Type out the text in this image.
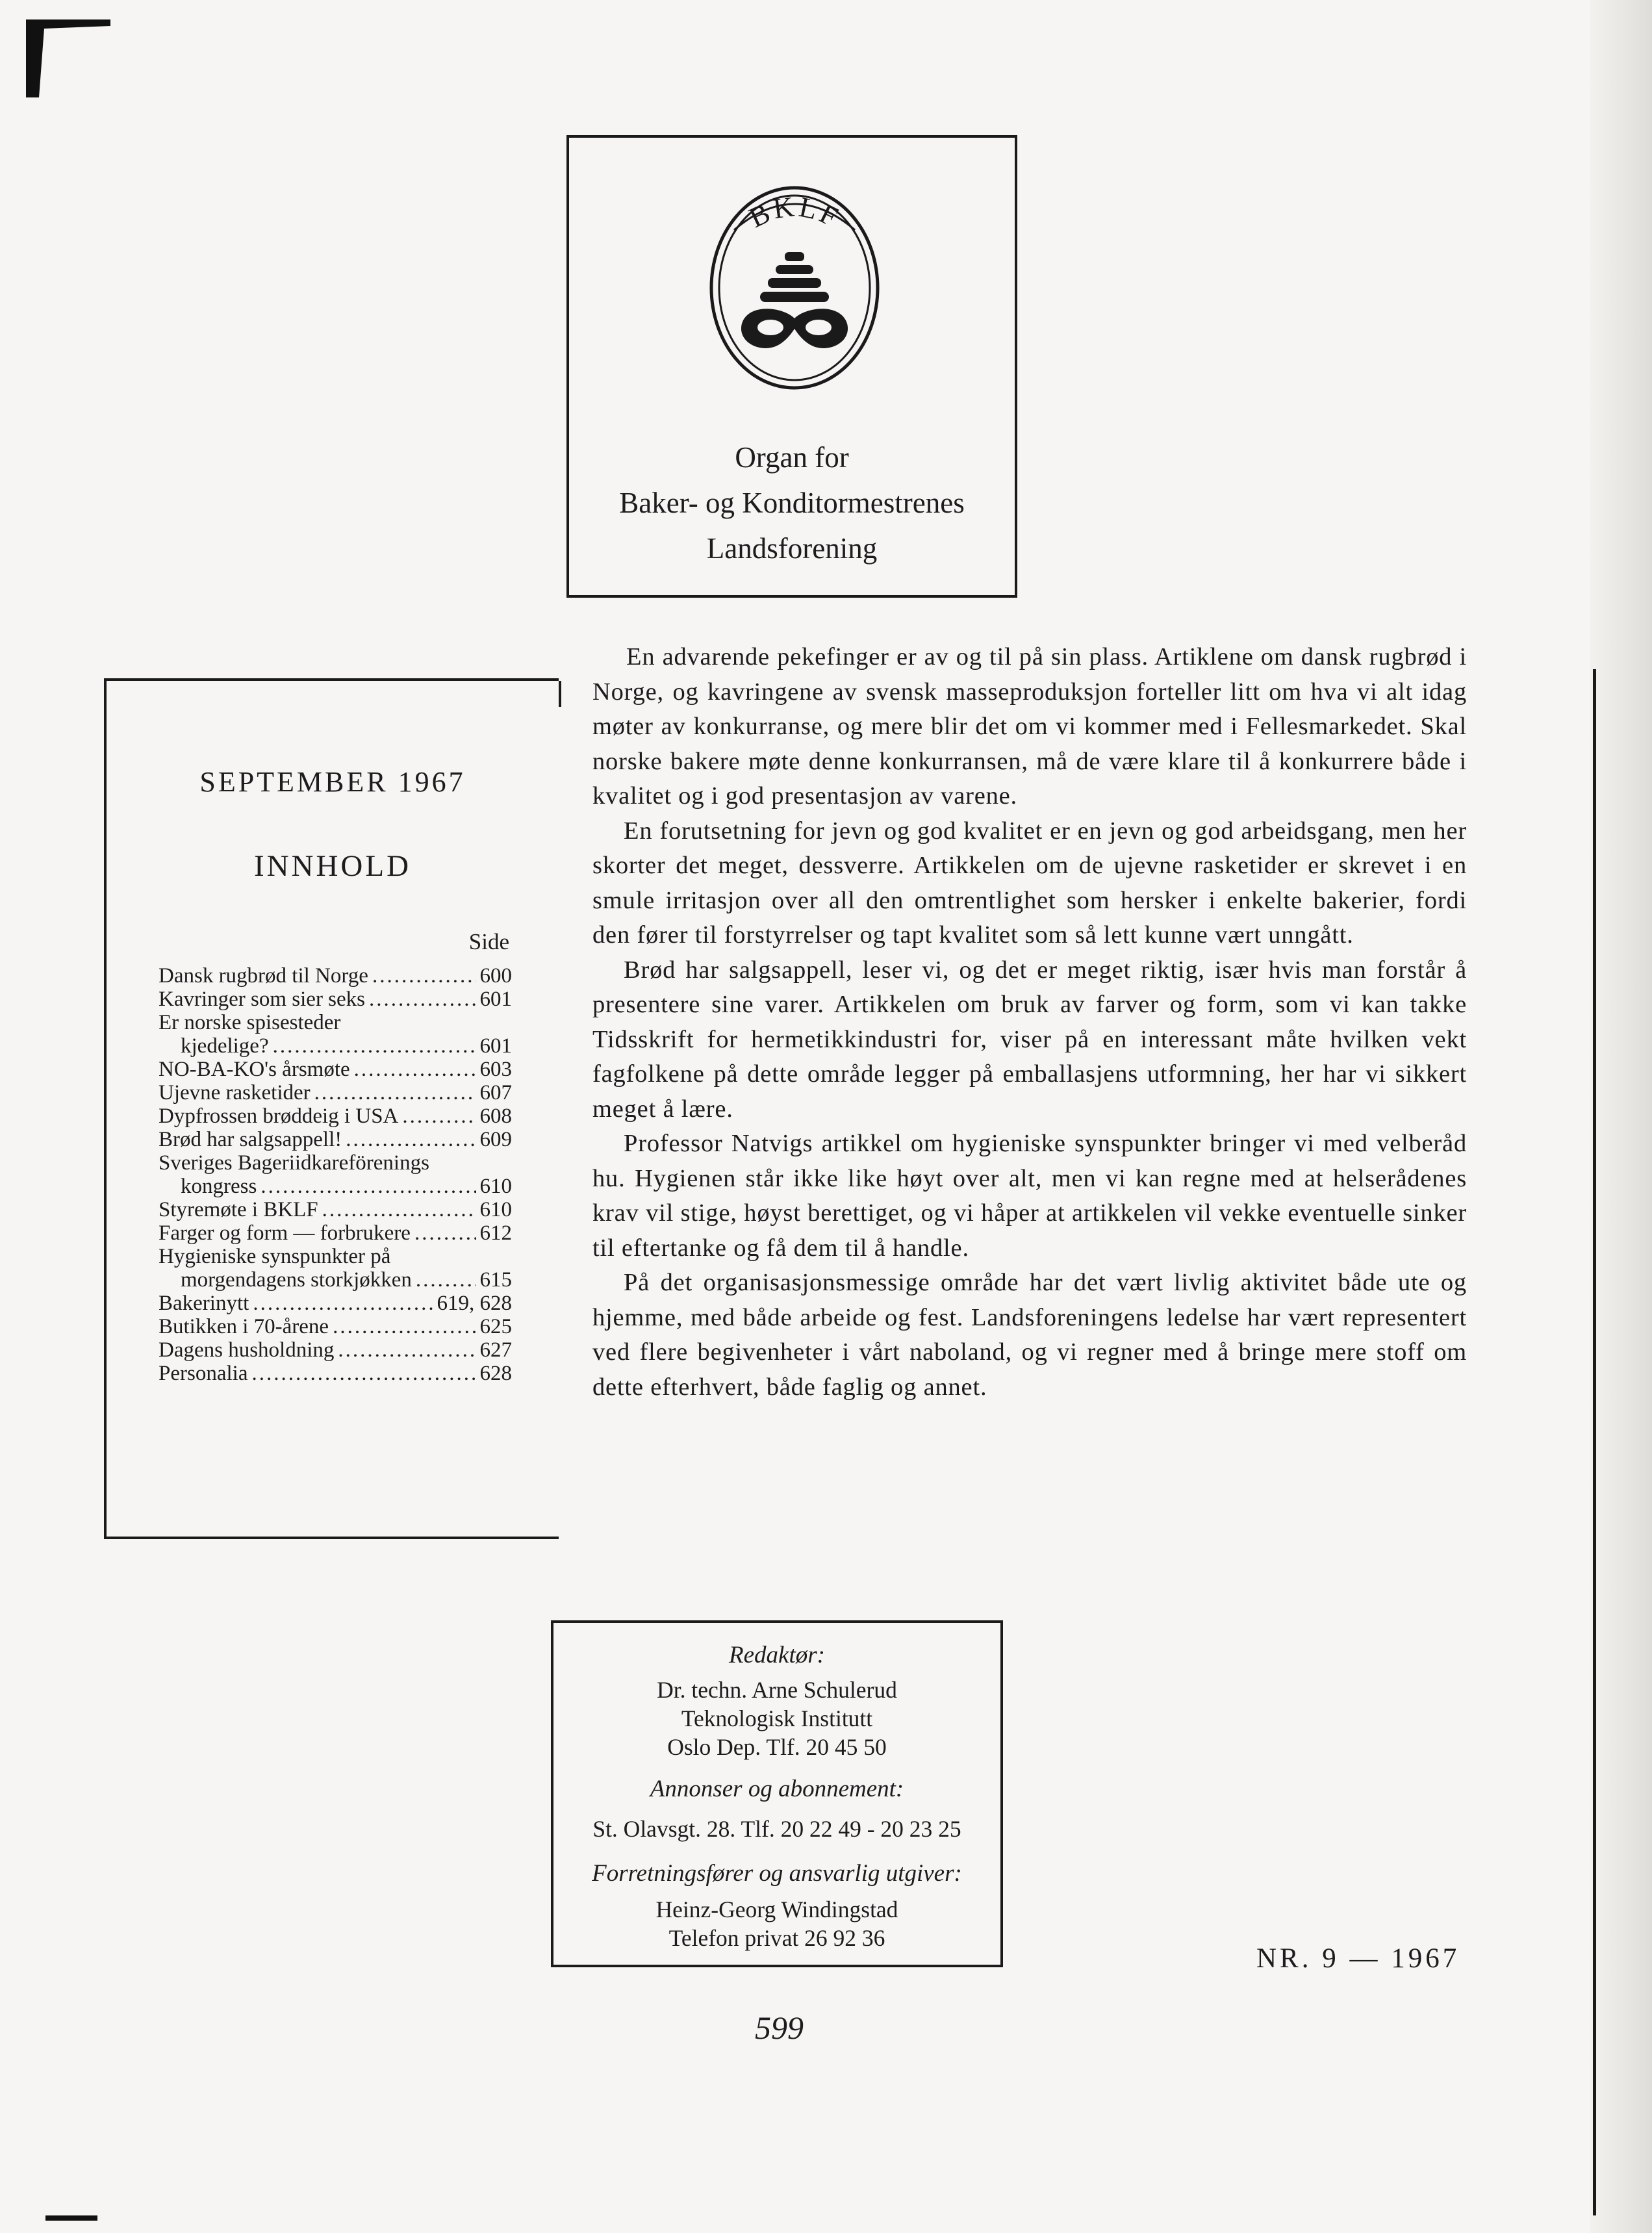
BKLF
Organ for
Baker- og Konditormestrenes
Landsforening
SEPTEMBER 1967
INNHOLD
Side
Dansk rugbrød til Norge .....	600
Kavringer som sier seks .....	601
Er norske spisesteder
kjedelige? .....	601
NO-BA-KO's årsmøte .....	603
Ujevne rasketider .....	607
Dypfrossen brøddeig i USA .....	608
Brød har salgsappell! .....	609
Sveriges Bageriidkareförenings
kongress .....	610
Styremøte i BKLF .....	610
Farger og form — forbrukere .....	612
Hygieniske synspunkter på
morgendagens storkjøkken .....	615
Bakerinytt .....	619, 628
Butikken i 70-årene .....	625
Dagens husholdning .....	627
Personalia .....	628

En advarende pekefinger er av og til på sin plass. Artiklene om dansk rugbrød i Norge, og kavringene av svensk masseproduksjon forteller litt om hva vi alt idag møter av konkurranse, og mere blir det om vi kommer med i Fellesmarkedet. Skal norske bakere møte denne konkurransen, må de være klare til å konkurrere både i kvalitet og i god presentasjon av varene.

En forutsetning for jevn og god kvalitet er en jevn og god arbeidsgang, men her skorter det meget, dessverre. Artikkelen om de ujevne rasketider er skrevet i en smule irritasjon over all den omtrentlighet som hersker i enkelte bakerier, fordi den fører til forstyrrelser og tapt kvalitet som så lett kunne vært unngått.

Brød har salgsappell, leser vi, og det er meget riktig, især hvis man forstår å presentere sine varer. Artikkelen om bruk av farver og form, som vi kan takke Tidsskrift for hermetikkindustri for, viser på en interessant måte hvilken vekt fagfolkene på dette område legger på emballasjens utformning, her har vi sikkert meget å lære.

Professor Natvigs artikkel om hygieniske synspunkter bringer vi med velberåd hu. Hygienen står ikke like høyt over alt, men vi kan regne med at helserådenes krav vil stige, høyst berettiget, og vi håper at artikkelen vil vekke eventuelle sinker til eftertanke og få dem til å handle.

På det organisasjonsmessige område har det vært livlig aktivitet både ute og hjemme, med både arbeide og fest. Landsforeningens ledelse har vært representert ved flere begivenheter i vårt naboland, og vi regner med å bringe mere stoff om dette efterhvert, både faglig og annet.

Redaktør:
Dr. techn. Arne Schulerud
Teknologisk Institutt
Oslo Dep. Tlf. 20 45 50
Annonser og abonnement:
St. Olavsgt. 28. Tlf. 20 22 49 - 20 23 25
Forretningsfører og ansvarlig utgiver:
Heinz-Georg Windingstad
Telefon privat 26 92 36
NR. 9 — 1967
599
